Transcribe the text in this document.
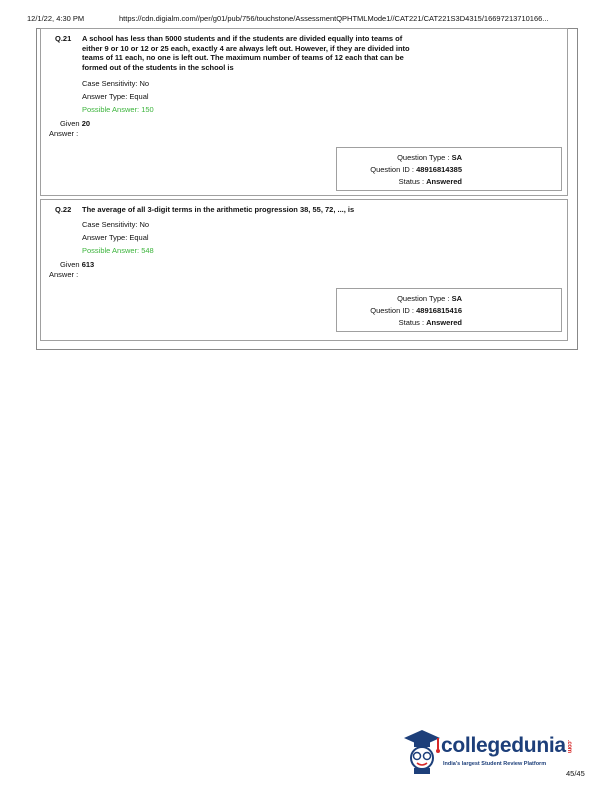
12/1/22, 4:30 PM	https://cdn.digialm.com//per/g01/pub/756/touchstone/AssessmentQPHTMLMode1//CAT221/CAT221S3D4315/16697213710166...
Q.21 A school has less than 5000 students and if the students are divided equally into teams of either 9 or 10 or 12 or 25 each, exactly 4 are always left out. However, if they are divided into teams of 11 each, no one is left out. The maximum number of teams of 12 each that can be formed out of the students in the school is
Case Sensitivity: No
Answer Type: Equal
Possible Answer: 150
Given 20
Answer :
Question Type : SA
Question ID : 48916814385
Status : Answered
Q.22 The average of all 3-digit terms in the arithmetic progression 38, 55, 72, ..., is
Case Sensitivity: No
Answer Type: Equal
Possible Answer: 548
Given 613
Answer :
Question Type : SA
Question ID : 48916815416
Status : Answered
collegedunia.com
India's largest Student Review Platform
45/45
